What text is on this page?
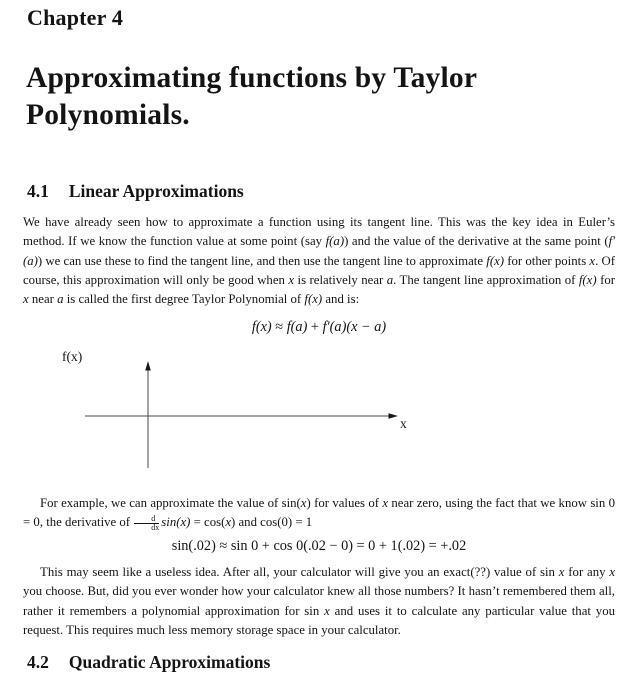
Chapter 4
Approximating functions by Taylor Polynomials.
4.1 Linear Approximations
We have already seen how to approximate a function using its tangent line. This was the key idea in Euler’s method. If we know the function value at some point (say f(a)) and the value of the derivative at the same point (f′(a)) we can use these to find the tangent line, and then use the tangent line to approximate f(x) for other points x. Of course, this approximation will only be good when x is relatively near a. The tangent line approximation of f(x) for x near a is called the first degree Taylor Polynomial of f(x) and is:
f(x) ≈ f(a) + f′(a)(x − a)
f(x)
x
For example, we can approximate the value of sin(x) for values of x near zero, using the fact that we know sin 0 = 0, the derivative of $\frac{d}{dx} \sin(x) = \cos(x)$ and cos(0) = 1
sin(.02) ≈ sin 0 + cos 0(.02 − 0) = 0 + 1(.02) = +.02
This may seem like a useless idea. After all, your calculator will give you an exact(??) value of sin x for any x you choose. But, did you ever wonder how your calculator knew all those numbers? It hasn’t remembered them all, rather it remembers a polynomial approximation for sin x and uses it to calculate any particular value that you request. This requires much less memory storage space in your calculator.
4.2 Quadratic Approximations
